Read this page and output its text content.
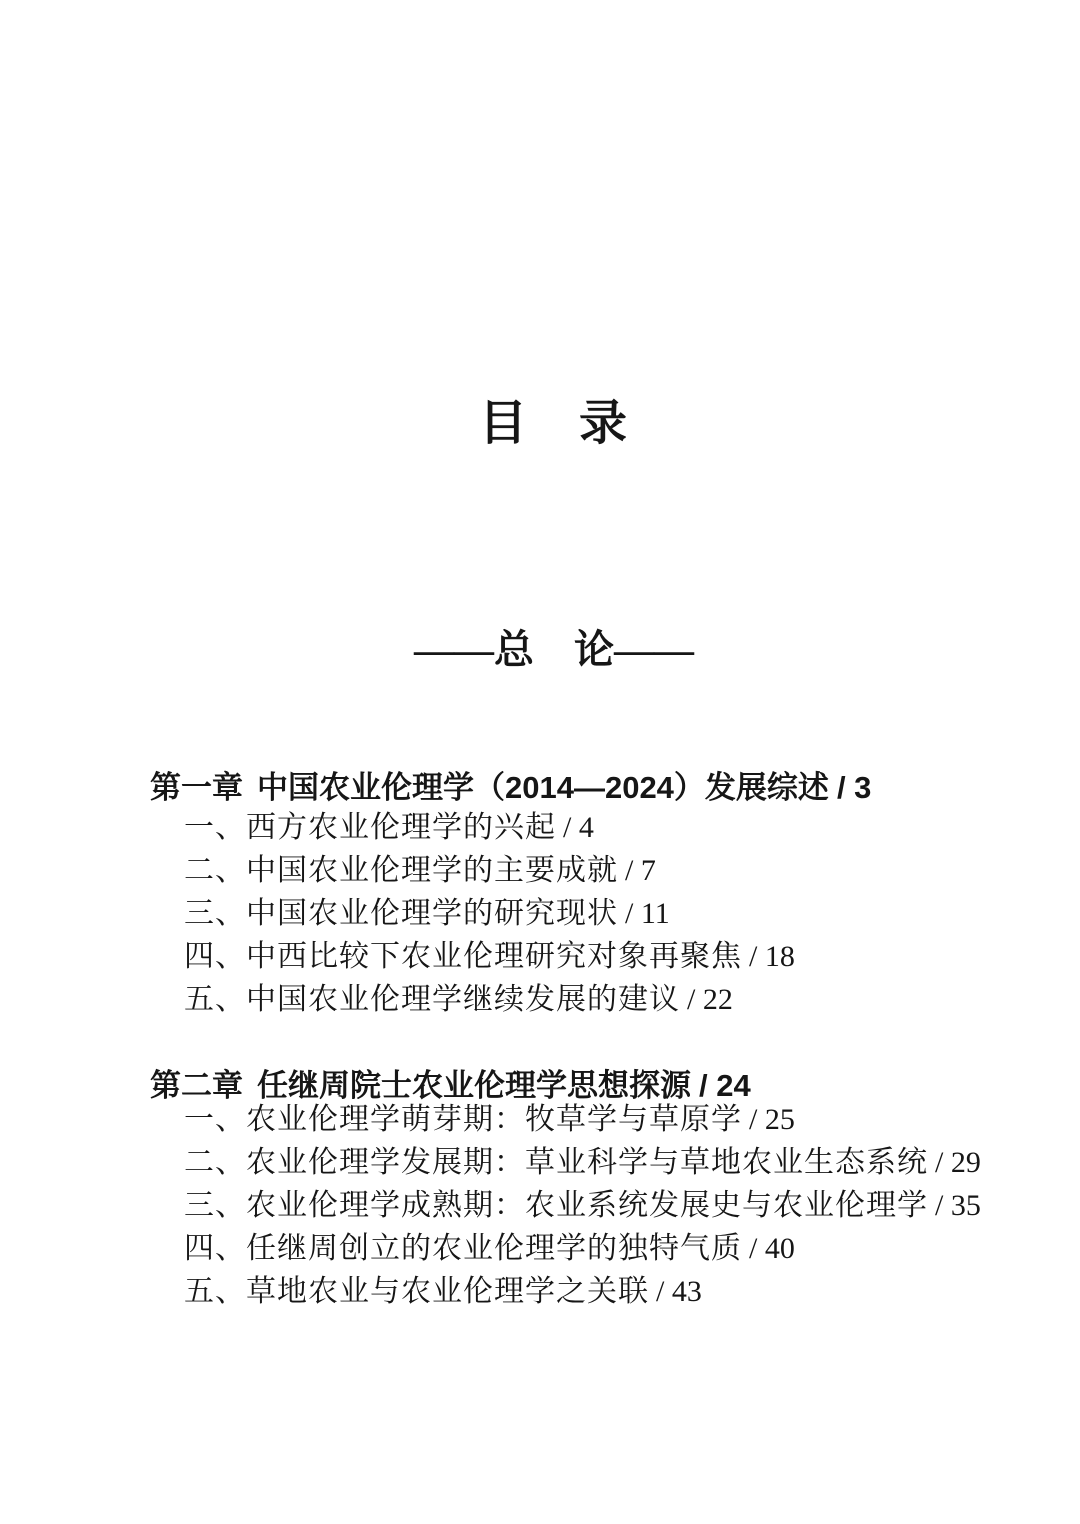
目　录
——总　论——
第一章 中国农业伦理学（2014—2024）发展综述 / 3
一、西方农业伦理学的兴起 / 4
二、中国农业伦理学的主要成就 / 7
三、中国农业伦理学的研究现状 / 11
四、中西比较下农业伦理研究对象再聚焦 / 18
五、中国农业伦理学继续发展的建议 / 22
第二章 任继周院士农业伦理学思想探源 / 24
一、农业伦理学萌芽期：牧草学与草原学 / 25
二、农业伦理学发展期：草业科学与草地农业生态系统 / 29
三、农业伦理学成熟期：农业系统发展史与农业伦理学 / 35
四、任继周创立的农业伦理学的独特气质 / 40
五、草地农业与农业伦理学之关联 / 43
